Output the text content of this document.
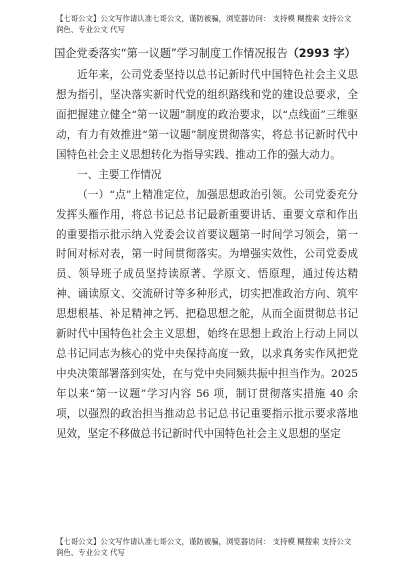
【七哥公文】公文写作请认准七哥公文，谨防被骗，浏览器访问： 支持模 糊搜索 支持公文润色、专业公文 代写
国企党委落实“第一议题”学习制度工作情况报告（2993 字）

近年来，公司党委坚持以总书记新时代中国特色社会主义思想为指引，坚决落实新时代党的组织路线和党的建设总要求，全面把握建立健全“第一议题”制度的政治要求，以“点线面”三维驱动，有力有效推进“第一议题”制度贯彻落实，将总书记新时代中国特色社会主义思想转化为指导实践、推动工作的强大动力。

一、主要工作情况

（一）“点”上精准定位，加强思想政治引领。公司党委充分发挥头雁作用，将总书记总书记最新重要讲话、重要文章和作出的重要指示批示纳入党委会议首要议题第一时间学习领会，第一时间对标对表，第一时间贯彻落实。为增强实效性，公司党委成员、领导班子成员坚持读原著、学原文、悟原理，通过传达精神、诵读原文、交流研讨等多种形式，切实把准政治方向、筑牢思想根基、补足精神之钙、把稳思想之舵，从而全面贯彻总书记新时代中国特色社会主义思想，始终在思想上政治上行动上同以总书记同志为核心的党中央保持高度一致，以求真务实作风把党中央决策部署落到实处，在与党中央同频共振中担当作为。2025 年以来“第一议题”学习内容 56 项，制订贯彻落实措施 40 余项，以强烈的政治担当推动总书记总书记重要指示批示要求落地见效，坚定不移做总书记新时代中国特色社会主义思想的坚定

【七哥公文】公文写作请认准七哥公文，谨防被骗，浏览器访问： 支持模 糊搜索 支持公文润色、专业公文 代写
